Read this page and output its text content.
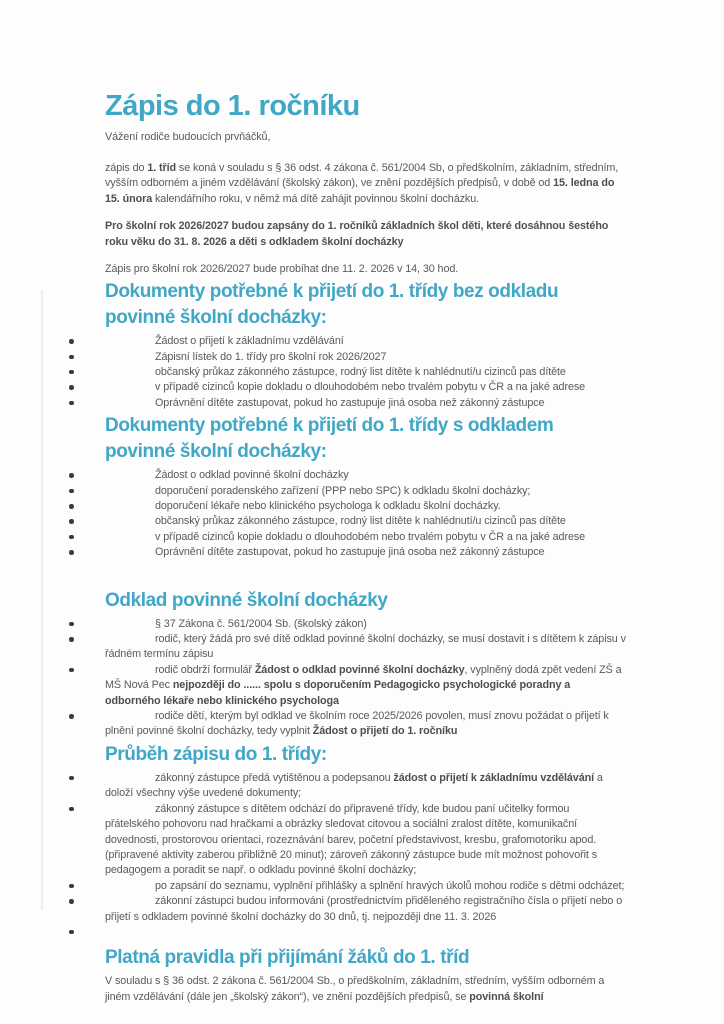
Zápis do 1. ročníku

Vážení rodiče budoucích prvňáčků,

zápis do 1. tříd se koná v souladu s § 36 odst. 4 zákona č. 561/2004 Sb, o předškolním, základním, středním, vyšším odborném a jiném vzdělávání (školský zákon), ve znění pozdějších předpisů, v době od 15. ledna do 15. února kalendářního roku, v němž má dítě zahájit povinnou školní docházku.

Pro školní rok 2026/2027 budou zapsány do 1. ročníků základních škol děti, které dosáhnou šestého roku věku do 31. 8. 2026 a děti s odkladem školní docházky

Zápis pro školní rok 2026/2027 bude probíhat dne 11. 2. 2026 v 14, 30 hod.

Dokumenty potřebné k přijetí do 1. třídy bez odkladu povinné školní docházky:
Žádost o přijetí k základnímu vzdělávání
Zápisní lístek do 1. třídy pro školní rok 2026/2027
občanský průkaz zákonného zástupce, rodný list dítěte k nahlédnutí/u cizinců pas dítěte
v případě cizinců kopie dokladu o dlouhodobém nebo trvalém pobytu v ČR a na jaké adrese
Oprávnění dítěte zastupovat, pokud ho zastupuje jiná osoba než zákonný zástupce
Dokumenty potřebné k přijetí do 1. třídy s odkladem povinné školní docházky:
Žádost o odklad povinné školní docházky
doporučení poradenského zařízení (PPP nebo SPC) k odkladu školní docházky;
doporučení lékaře nebo klinického psychologa k odkladu školní docházky.
občanský průkaz zákonného zástupce, rodný list dítěte k nahlédnutí/u cizinců pas dítěte
v případě cizinců kopie dokladu o dlouhodobém nebo trvalém pobytu v ČR a na jaké adrese
Oprávnění dítěte zastupovat, pokud ho zastupuje jiná osoba než zákonný zástupce
Odklad povinné školní docházky
§ 37 Zákona č. 561/2004 Sb. (školský zákon)
rodič, který žádá pro své dítě odklad povinné školní docházky, se musí dostavit i s dítětem k zápisu v řádném termínu zápisu
rodič obdrží formulář Žádost o odklad povinné školní docházky, vyplněný dodá zpět vedení ZŠ a MŠ Nová Pec nejpozději do ...... spolu s doporučením Pedagogicko psychologické poradny a odborného lékaře nebo klinického psychologa
rodiče dětí, kterým byl odklad ve školním roce 2025/2026 povolen, musí znovu požádat o přijetí k plnění povinné školní docházky, tedy vyplnit Žádost o přijetí do 1. ročníku
Průběh zápisu do 1. třídy:
zákonný zástupce předá vytištěnou a podepsanou žádost o přijetí k základnímu vzdělávání a doloží všechny výše uvedené dokumenty;
zákonný zástupce s dítětem odchází do připravené třídy, kde budou paní učitelky formou přátelského pohovoru nad hračkami a obrázky sledovat citovou a sociální zralost dítěte, komunikační dovednosti, prostorovou orientaci, rozeznávání barev, početní představivost, kresbu, grafomotoriku apod. (připravené aktivity zaberou přibližně 20 minut); zároveň zákonný zástupce bude mít možnost pohovořit s pedagogem a poradit se např. o odkladu povinné školní docházky;
po zapsání do seznamu, vyplnění přihlášky a splnění hravých úkolů mohou rodiče s dětmi odcházet;
zákonní zástupci budou informováni (prostřednictvím přiděleného registračního čísla o přijetí nebo o přijetí s odkladem povinné školní docházky do 30 dnů, tj. nejpozději dne 11. 3. 2026
Platná pravidla při přijímání žáků do 1. tříd

V souladu s § 36 odst. 2 zákona č. 561/2004 Sb., o předškolním, základním, středním, vyšším odborném a jiném vzdělávání (dále jen „školský zákon“), ve znění pozdějších předpisů, se povinná školní
